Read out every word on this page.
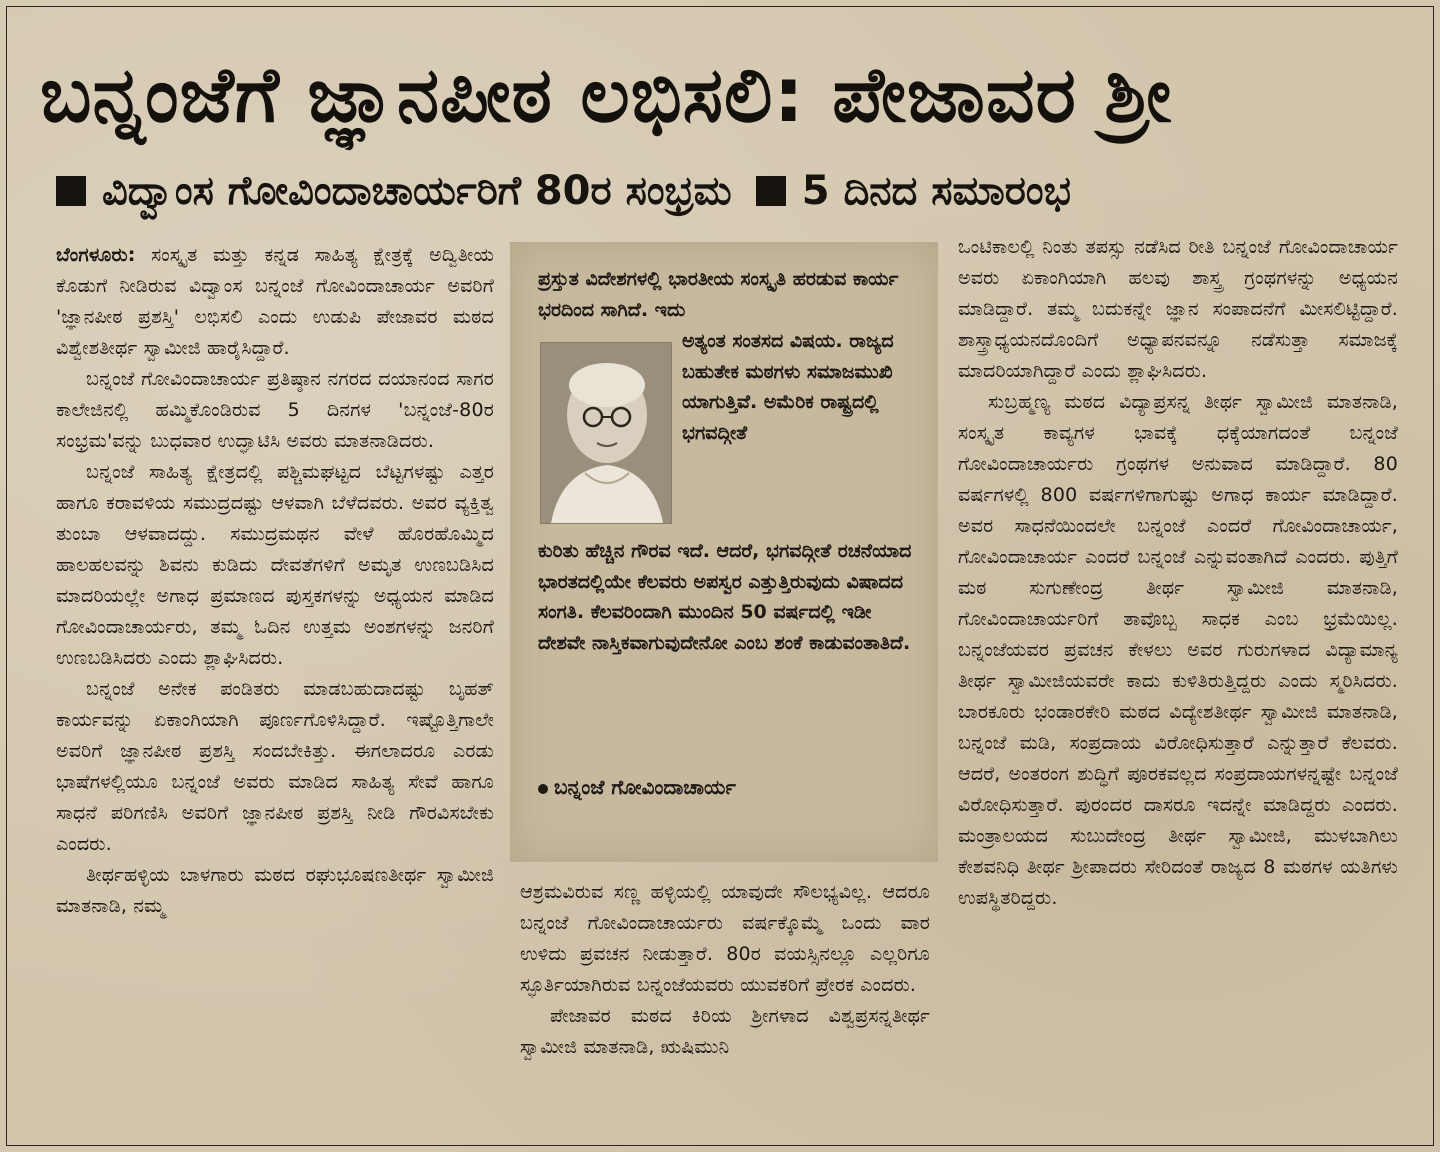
ಬನ್ನಂಜೆಗೆ ಜ್ಞಾನಪೀಠ ಲಭಿಸಲಿ: ಪೇಜಾವರ ಶ್ರೀ
ವಿದ್ವಾಂಸ ಗೋವಿಂದಾಚಾರ್ಯರಿಗೆ 80ರ ಸಂಭ್ರಮ 5 ದಿನದ ಸಮಾರಂಭ

ಬೆಂಗಳೂರು: ಸಂಸ್ಕೃತ ಮತ್ತು ಕನ್ನಡ ಸಾಹಿತ್ಯ ಕ್ಷೇತ್ರಕ್ಕೆ ಅದ್ವಿತೀಯ ಕೊಡುಗೆ ನೀಡಿರುವ ವಿದ್ವಾಂಸ ಬನ್ನಂಜೆ ಗೋವಿಂದಾಚಾರ್ಯ ಅವರಿಗೆ 'ಜ್ಞಾನಪೀಠ ಪ್ರಶಸ್ತಿ' ಲಭಿಸಲಿ ಎಂದು ಉಡುಪಿ ಪೇಜಾವರ ಮಠದ ವಿಶ್ವೇಶತೀರ್ಥ ಸ್ವಾಮೀಜಿ ಹಾರೈಸಿದ್ದಾರೆ.

ಬನ್ನಂಜೆ ಗೋವಿಂದಾಚಾರ್ಯ ಪ್ರತಿಷ್ಠಾನ ನಗರದ ದಯಾನಂದ ಸಾಗರ ಕಾಲೇಜಿನಲ್ಲಿ ಹಮ್ಮಿಕೊಂಡಿರುವ 5 ದಿನಗಳ 'ಬನ್ನಂಜೆ-80ರ ಸಂಭ್ರಮ'ವನ್ನು ಬುಧವಾರ ಉದ್ಘಾಟಿಸಿ ಅವರು ಮಾತನಾಡಿದರು.

ಬನ್ನಂಜೆ ಸಾಹಿತ್ಯ ಕ್ಷೇತ್ರದಲ್ಲಿ ಪಶ್ಚಿಮಘಟ್ಟದ ಬೆಟ್ಟಗಳಷ್ಟು ಎತ್ತರ ಹಾಗೂ ಕರಾವಳಿಯ ಸಮುದ್ರದಷ್ಟು ಆಳವಾಗಿ ಬೆಳೆದವರು. ಅವರ ವ್ಯಕ್ತಿತ್ವ ತುಂಬಾ ಆಳವಾದದ್ದು. ಸಮುದ್ರಮಥನ ವೇಳೆ ಹೊರಹೊಮ್ಮಿದ ಹಾಲಹಲವನ್ನು ಶಿವನು ಕುಡಿದು ದೇವತೆಗಳಿಗೆ ಅಮೃತ ಉಣಬಡಿಸಿದ ಮಾದರಿಯಲ್ಲೇ ಅಗಾಧ ಪ್ರಮಾಣದ ಪುಸ್ತಕಗಳನ್ನು ಅಧ್ಯಯನ ಮಾಡಿದ ಗೋವಿಂದಾಚಾರ್ಯರು, ತಮ್ಮ ಓದಿನ ಉತ್ತಮ ಅಂಶಗಳನ್ನು ಜನರಿಗೆ ಉಣಬಡಿಸಿದರು ಎಂದು ಶ್ಲಾಘಿಸಿದರು.

ಬನ್ನಂಜೆ ಅನೇಕ ಪಂಡಿತರು ಮಾಡಬಹುದಾದಷ್ಟು ಬೃಹತ್ ಕಾರ್ಯವನ್ನು ಏಕಾಂಗಿಯಾಗಿ ಪೂರ್ಣಗೊಳಿಸಿದ್ದಾರೆ. ಇಷ್ಟೊತ್ತಿಗಾಲೇ ಅವರಿಗೆ ಜ್ಞಾನಪೀಠ ಪ್ರಶಸ್ತಿ ಸಂದಬೇಕಿತ್ತು. ಈಗಲಾದರೂ ಎರಡು ಭಾಷೆಗಳಲ್ಲಿಯೂ ಬನ್ನಂಜೆ ಅವರು ಮಾಡಿದ ಸಾಹಿತ್ಯ ಸೇವೆ ಹಾಗೂ ಸಾಧನೆ ಪರಿಗಣಿಸಿ ಅವರಿಗೆ ಜ್ಞಾನಪೀಠ ಪ್ರಶಸ್ತಿ ನೀಡಿ ಗೌರವಿಸಬೇಕು ಎಂದರು.

ತೀರ್ಥಹಳ್ಳಿಯ ಬಾಳಗಾರು ಮಠದ ರಘುಭೂಷಣತೀರ್ಥ ಸ್ವಾಮೀಜಿ ಮಾತನಾಡಿ, ನಮ್ಮ

ಪ್ರಸ್ತುತ ವಿದೇಶಗಳಲ್ಲಿ ಭಾರತೀಯ ಸಂಸ್ಕೃತಿ ಹರಡುವ ಕಾರ್ಯ ಭರದಿಂದ ಸಾಗಿದೆ. ಇದು
ಅತ್ಯಂತ ಸಂತಸದ ವಿಷಯ. ರಾಜ್ಯದ ಬಹುತೇಕ ಮಠಗಳು ಸಮಾಜಮುಖಿ ಯಾಗುತ್ತಿವೆ. ಅಮೆರಿಕ ರಾಷ್ಟ್ರದಲ್ಲಿ ಭಗವದ್ಗೀತೆ
ಕುರಿತು ಹೆಚ್ಚಿನ ಗೌರವ ಇದೆ. ಆದರೆ, ಭಗವದ್ಗೀತೆ ರಚನೆಯಾದ ಭಾರತದಲ್ಲಿಯೇ ಕೆಲವರು ಅಪಸ್ವರ ಎತ್ತುತ್ತಿರುವುದು ವಿಷಾದದ ಸಂಗತಿ. ಕೆಲವರಿಂದಾಗಿ ಮುಂದಿನ 50 ವರ್ಷದಲ್ಲಿ ಇಡೀ ದೇಶವೇ ನಾಸ್ತಿಕವಾಗುವುದೇನೋ ಎಂಬ ಶಂಕೆ ಕಾಡುವಂತಾತಿದೆ.
ಬನ್ನಂಜೆ ಗೋವಿಂದಾಚಾರ್ಯ

ಆಶ್ರಮವಿರುವ ಸಣ್ಣ ಹಳ್ಳಿಯಲ್ಲಿ ಯಾವುದೇ ಸೌಲಭ್ಯವಿಲ್ಲ. ಆದರೂ ಬನ್ನಂಜೆ ಗೋವಿಂದಾಚಾರ್ಯರು ವರ್ಷಕ್ಕೊಮ್ಮೆ ಒಂದು ವಾರ ಉಳಿದು ಪ್ರವಚನ ನೀಡುತ್ತಾರೆ. 80ರ ವಯಸ್ಸಿನಲ್ಲೂ ಎಲ್ಲರಿಗೂ ಸ್ಫೂರ್ತಿಯಾಗಿರುವ ಬನ್ನಂಜೆಯವರು ಯುವಕರಿಗೆ ಪ್ರೇರಕ ಎಂದರು.

ಪೇಜಾವರ ಮಠದ ಕಿರಿಯ ಶ್ರೀಗಳಾದ ವಿಶ್ವಪ್ರಸನ್ನತೀರ್ಥ ಸ್ವಾಮೀಜಿ ಮಾತನಾಡಿ, ಋಷಿಮುನಿ

ಒಂಟಿಕಾಲಲ್ಲಿ ನಿಂತು ತಪಸ್ಸು ನಡೆಸಿದ ರೀತಿ ಬನ್ನಂಜೆ ಗೋವಿಂದಾಚಾರ್ಯ ಅವರು ಏಕಾಂಗಿಯಾಗಿ ಹಲವು ಶಾಸ್ತ್ರ ಗ್ರಂಥಗಳನ್ನು ಅಧ್ಯಯನ ಮಾಡಿದ್ದಾರೆ. ತಮ್ಮ ಬದುಕನ್ನೇ ಜ್ಞಾನ ಸಂಪಾದನೆಗೆ ಮೀಸಲಿಟ್ಟಿದ್ದಾರೆ. ಶಾಸ್ತ್ರಾಧ್ಯಯನದೊಂದಿಗೆ ಅಧ್ಯಾಪನವನ್ನೂ ನಡೆಸುತ್ತಾ ಸಮಾಜಕ್ಕೆ ಮಾದರಿಯಾಗಿದ್ದಾರೆ ಎಂದು ಶ್ಲಾಘಿಸಿದರು.

ಸುಬ್ರಹ್ಮಣ್ಯ ಮಠದ ವಿದ್ಯಾಪ್ರಸನ್ನ ತೀರ್ಥ ಸ್ವಾಮೀಜಿ ಮಾತನಾಡಿ, ಸಂಸ್ಕೃತ ಕಾವ್ಯಗಳ ಭಾವಕ್ಕೆ ಧಕ್ಕೆಯಾಗದಂತೆ ಬನ್ನಂಜೆ ಗೋವಿಂದಾಚಾರ್ಯರು ಗ್ರಂಥಗಳ ಅನುವಾದ ಮಾಡಿದ್ದಾರೆ. 80 ವರ್ಷಗಳಲ್ಲಿ 800 ವರ್ಷಗಳಿಗಾಗುಷ್ಟು ಅಗಾಧ ಕಾರ್ಯ ಮಾಡಿದ್ದಾರೆ. ಅವರ ಸಾಧನೆಯಿಂದಲೇ ಬನ್ನಂಜೆ ಎಂದರೆ ಗೋವಿಂದಾಚಾರ್ಯ, ಗೋವಿಂದಾಚಾರ್ಯ ಎಂದರೆ ಬನ್ನಂಜೆ ಎನ್ನುವಂತಾಗಿದೆ ಎಂದರು. ಪುತ್ತಿಗೆ ಮಠ ಸುಗುಣೇಂದ್ರ ತೀರ್ಥ ಸ್ವಾಮೀಜಿ ಮಾತನಾಡಿ, ಗೋವಿಂದಾಚಾರ್ಯರಿಗೆ ತಾವೊಬ್ಬ ಸಾಧಕ ಎಂಬ ಭ್ರಮೆಯಿಲ್ಲ. ಬನ್ನಂಜೆಯವರ ಪ್ರವಚನ ಕೇಳಲು ಅವರ ಗುರುಗಳಾದ ವಿದ್ಯಾಮಾನ್ಯ ತೀರ್ಥ ಸ್ವಾಮೀಜಿಯವರೇ ಕಾದು ಕುಳಿತಿರುತ್ತಿದ್ದರು ಎಂದು ಸ್ಮರಿಸಿದರು. ಬಾರಕೂರು ಭಂಡಾರಕೇರಿ ಮಠದ ವಿದ್ಯೇಶತೀರ್ಥ ಸ್ವಾಮೀಜಿ ಮಾತನಾಡಿ, ಬನ್ನಂಜೆ ಮಡಿ, ಸಂಪ್ರದಾಯ ವಿರೋಧಿಸುತ್ತಾರೆ ಎನ್ನುತ್ತಾರೆ ಕೆಲವರು. ಆದರೆ, ಅಂತರಂಗ ಶುದ್ಧಿಗೆ ಪೂರಕವಲ್ಲದ ಸಂಪ್ರದಾಯಗಳನ್ನಷ್ಟೇ ಬನ್ನಂಜೆ ವಿರೋಧಿಸುತ್ತಾರೆ. ಪುರಂದರ ದಾಸರೂ ಇದನ್ನೇ ಮಾಡಿದ್ದರು ಎಂದರು. ಮಂತ್ರಾಲಯದ ಸುಬುದೇಂದ್ರ ತೀರ್ಥ ಸ್ವಾಮೀಜಿ, ಮುಳಬಾಗಿಲು ಕೇಶವನಿಧಿ ತೀರ್ಥ ಶ್ರೀಪಾದರು ಸೇರಿದಂತೆ ರಾಜ್ಯದ 8 ಮಠಗಳ ಯತಿಗಳು ಉಪಸ್ಥಿತರಿದ್ದರು.
